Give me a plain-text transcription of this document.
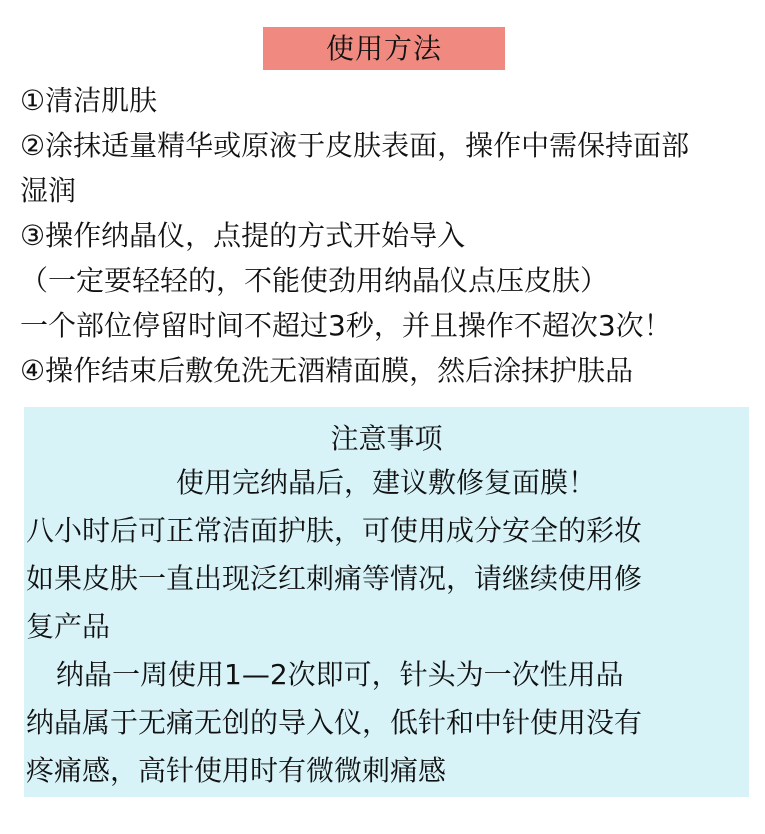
使用方法
①清洁肌肤
②涂抹适量精华或原液于皮肤表面，操作中需保持面部
湿润
③操作纳晶仪，点提的方式开始导入
（一定要轻轻的，不能使劲用纳晶仪点压皮肤）
一个部位停留时间不超过3秒，并且操作不超次3次！
④操作结束后敷免洗无酒精面膜，然后涂抹护肤品
注意事项
使用完纳晶后，建议敷修复面膜！
八小时后可正常洁面护肤，可使用成分安全的彩妆
如果皮肤一直出现泛红刺痛等情况，请继续使用修
复产品
纳晶一周使用1—2次即可，针头为一次性用品
纳晶属于无痛无创的导入仪，低针和中针使用没有
疼痛感，高针使用时有微微刺痛感
